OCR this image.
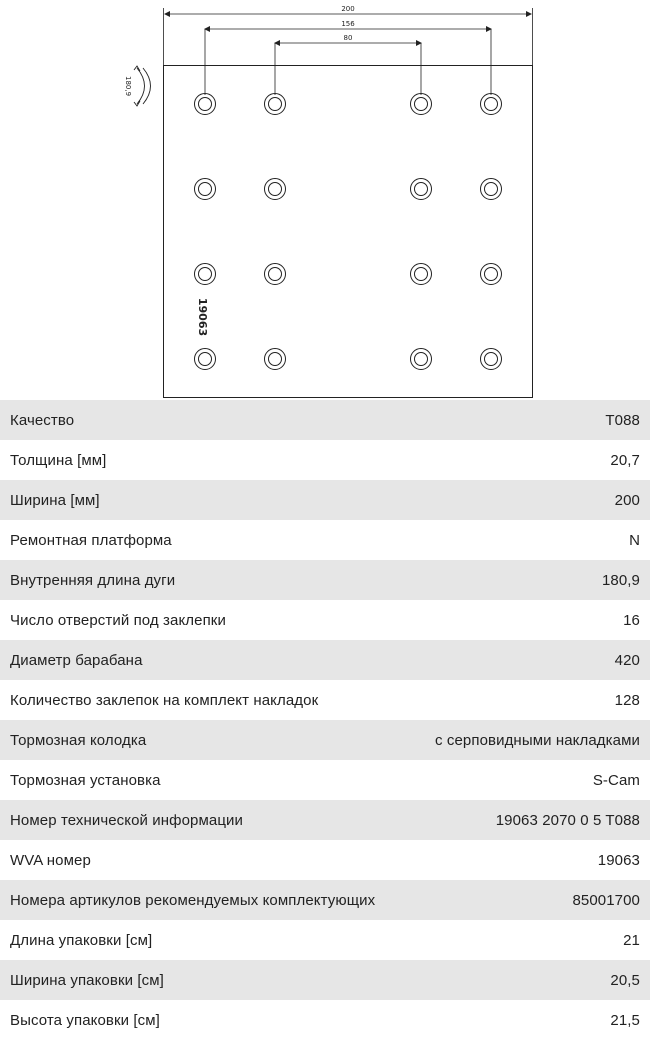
200
156
80
180,9
19063
Качество	T088
Толщина [мм]	20,7
Ширина [мм]	200
Ремонтная платформа	N
Внутренняя длина дуги	180,9
Число отверстий под заклепки	16
Диаметр барабана	420
Количество заклепок на комплект накладок	128
Тормозная колодка	с серповидными накладками
Тормозная установка	S-Cam
Номер технической информации	19063 2070 0 5 T088
WVA номер	19063
Номера артикулов рекомендуемых комплектующих	85001700
Длина упаковки [см]	21
Ширина упаковки [см]	20,5
Высота упаковки [см]	21,5
